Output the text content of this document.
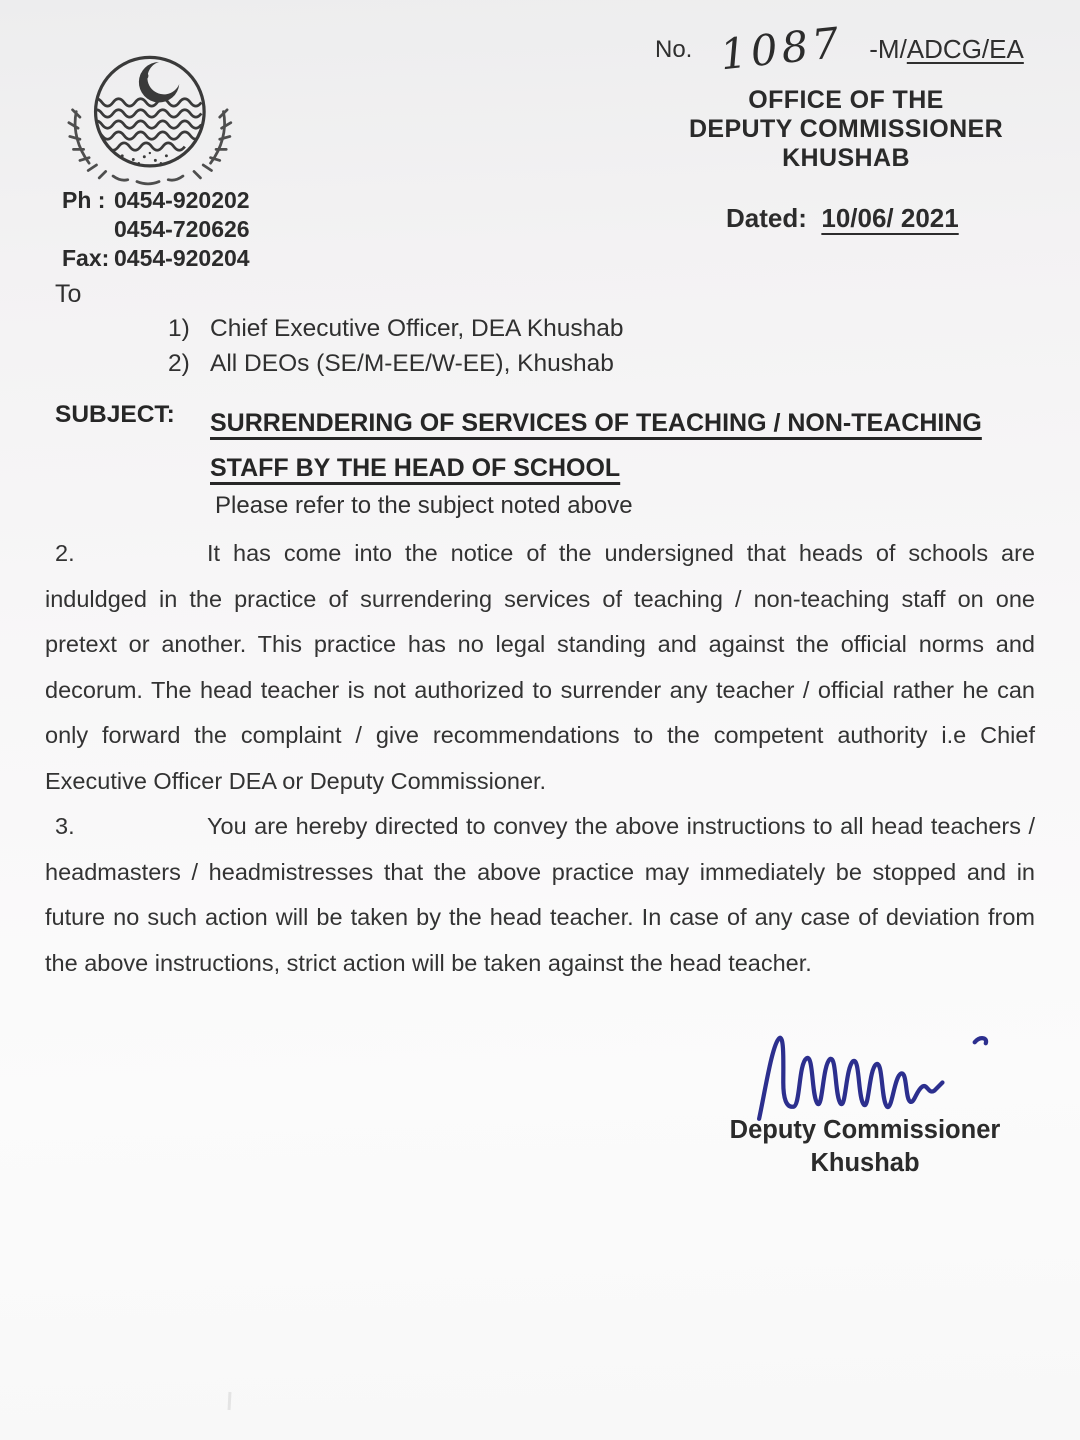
Ph : 0454-920202
0454-720626
Fax: 0454-920204
No. 1087 -M/ADCG/EA
OFFICE OF THE
DEPUTY COMMISSIONER
KHUSHAB
Dated: 10/06/ 2021
To
1) Chief Executive Officer, DEA Khushab
2) All DEOs (SE/M-EE/W-EE), Khushab
SUBJECT: SURRENDERING OF SERVICES OF TEACHING / NON-TEACHING
STAFF BY THE HEAD OF SCHOOL
Please refer to the subject noted above
2.	It has come into the notice of the undersigned that heads of schools are induldged in the practice of surrendering services of teaching / non-teaching staff on one pretext or another. This practice has no legal standing and against the official norms and decorum. The head teacher is not authorized to surrender any teacher / official rather he can only forward the complaint / give recommendations to the competent authority i.e Chief Executive Officer DEA or Deputy Commissioner.

3.	You are hereby directed to convey the above instructions to all head teachers / headmasters / headmistresses that the above practice may immediately be stopped and in future no such action will be taken by the head teacher. In case of any case of deviation from the above instructions, strict action will be taken against the head teacher.

Deputy Commissioner
Khushab
